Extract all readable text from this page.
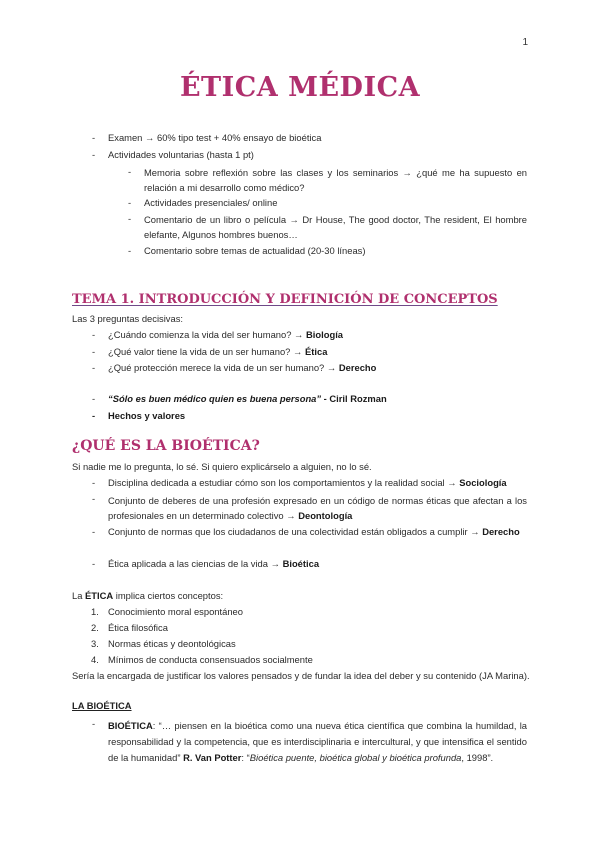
1
ÉTICA MÉDICA
- Examen → 60% tipo test + 40% ensayo de bioética
- Actividades voluntarias (hasta 1 pt)
- Memoria sobre reflexión sobre las clases y los seminarios → ¿qué me ha supuesto en relación a mi desarrollo como médico?
- Actividades presenciales/ online
- Comentario de un libro o película → Dr House, The good doctor, The resident, El hombre elefante, Algunos hombres buenos…
- Comentario sobre temas de actualidad (20-30 líneas)
TEMA 1. INTRODUCCIÓN Y DEFINICIÓN DE CONCEPTOS
Las 3 preguntas decisivas:
- ¿Cuándo comienza la vida del ser humano? → Biología
- ¿Qué valor tiene la vida de un ser humano? → Ética
- ¿Qué protección merece la vida de un ser humano? → Derecho
- “Sólo es buen médico quien es buena persona” - Ciril Rozman
- Hechos y valores
¿QUÉ ES LA BIOÉTICA?
Si nadie me lo pregunta, lo sé. Si quiero explicárselo a alguien, no lo sé.
- Disciplina dedicada a estudiar cómo son los comportamientos y la realidad social → Sociología
- Conjunto de deberes de una profesión expresado en un código de normas éticas que afectan a los profesionales en un determinado colectivo → Deontología
- Conjunto de normas que los ciudadanos de una colectividad están obligados a cumplir → Derecho
- Ética aplicada a las ciencias de la vida → Bioética
La ÉTICA implica ciertos conceptos:
1. Conocimiento moral espontáneo
2. Ética filosófica
3. Normas éticas y deontológicas
4. Mínimos de conducta consensuados socialmente
Sería la encargada de justificar los valores pensados y de fundar la idea del deber y su contenido (JA Marina).
LA BIOÉTICA
- BIOÉTICA: “… piensen en la bioética como una nueva ética científica que combina la humildad, la responsabilidad y la competencia, que es interdisciplinaria e intercultural, y que intensifica el sentido de la humanidad” R. Van Potter: “Bioética puente, bioética global y bioética profunda, 1998”.
